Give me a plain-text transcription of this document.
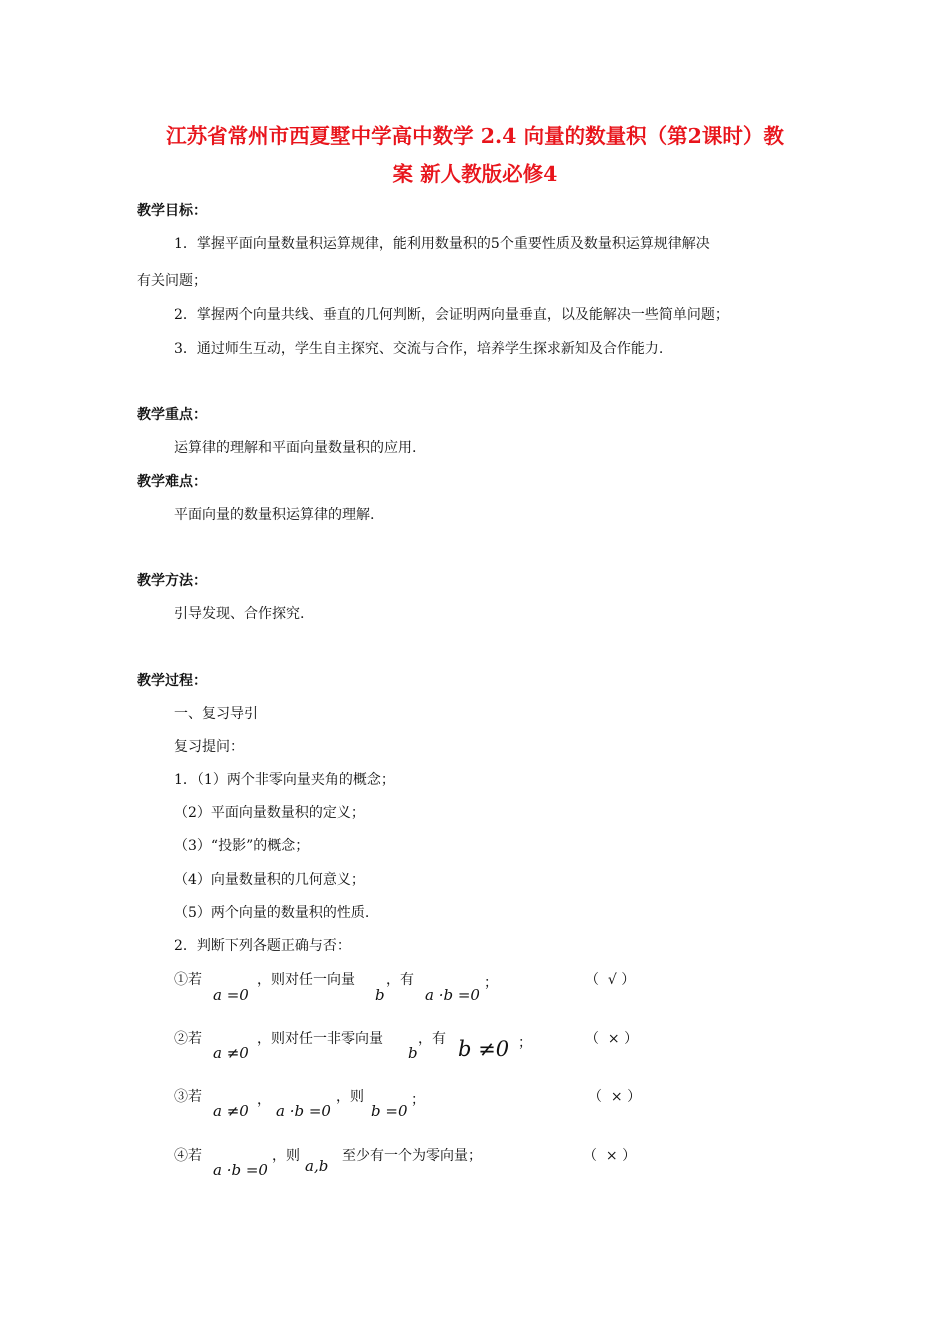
江苏省常州市西夏墅中学高中数学 2.4 向量的数量积（第2课时）教
案 新人教版必修4
教学目标：
1．掌握平面向量数量积运算规律，能利用数量积的5个重要性质及数量积运算规律解决
有关问题；
2．掌握两个向量共线、垂直的几何判断，会证明两向量垂直，以及能解决一些简单问题；
3．通过师生互动，学生自主探究、交流与合作，培养学生探求新知及合作能力.
教学重点：
运算律的理解和平面向量数量积的应用.
教学难点：
平面向量的数量积运算律的理解.
教学方法：
引导发现、合作探究.
教学过程：
一、复习导引
复习提问：
1．（1）两个非零向量夹角的概念；
（2）平面向量数量积的定义；
（3）“投影”的概念；
（4）向量数量积的几何意义；
（5）两个向量的数量积的性质.
2．判断下列各题正确与否：
①若
a =0
，则对任一向量
b
，有
a ·b =0
；	（  √ ）
②若
a ≠0
，则对任一非零向量
b
，有 b ≠0 ；	（  × ）
③若
a ≠0
，
a ·b =0
，则
b =0
；	（  × ）
④若
a ·b =0
，则
a,b
至少有一个为零向量；	（  × ）
